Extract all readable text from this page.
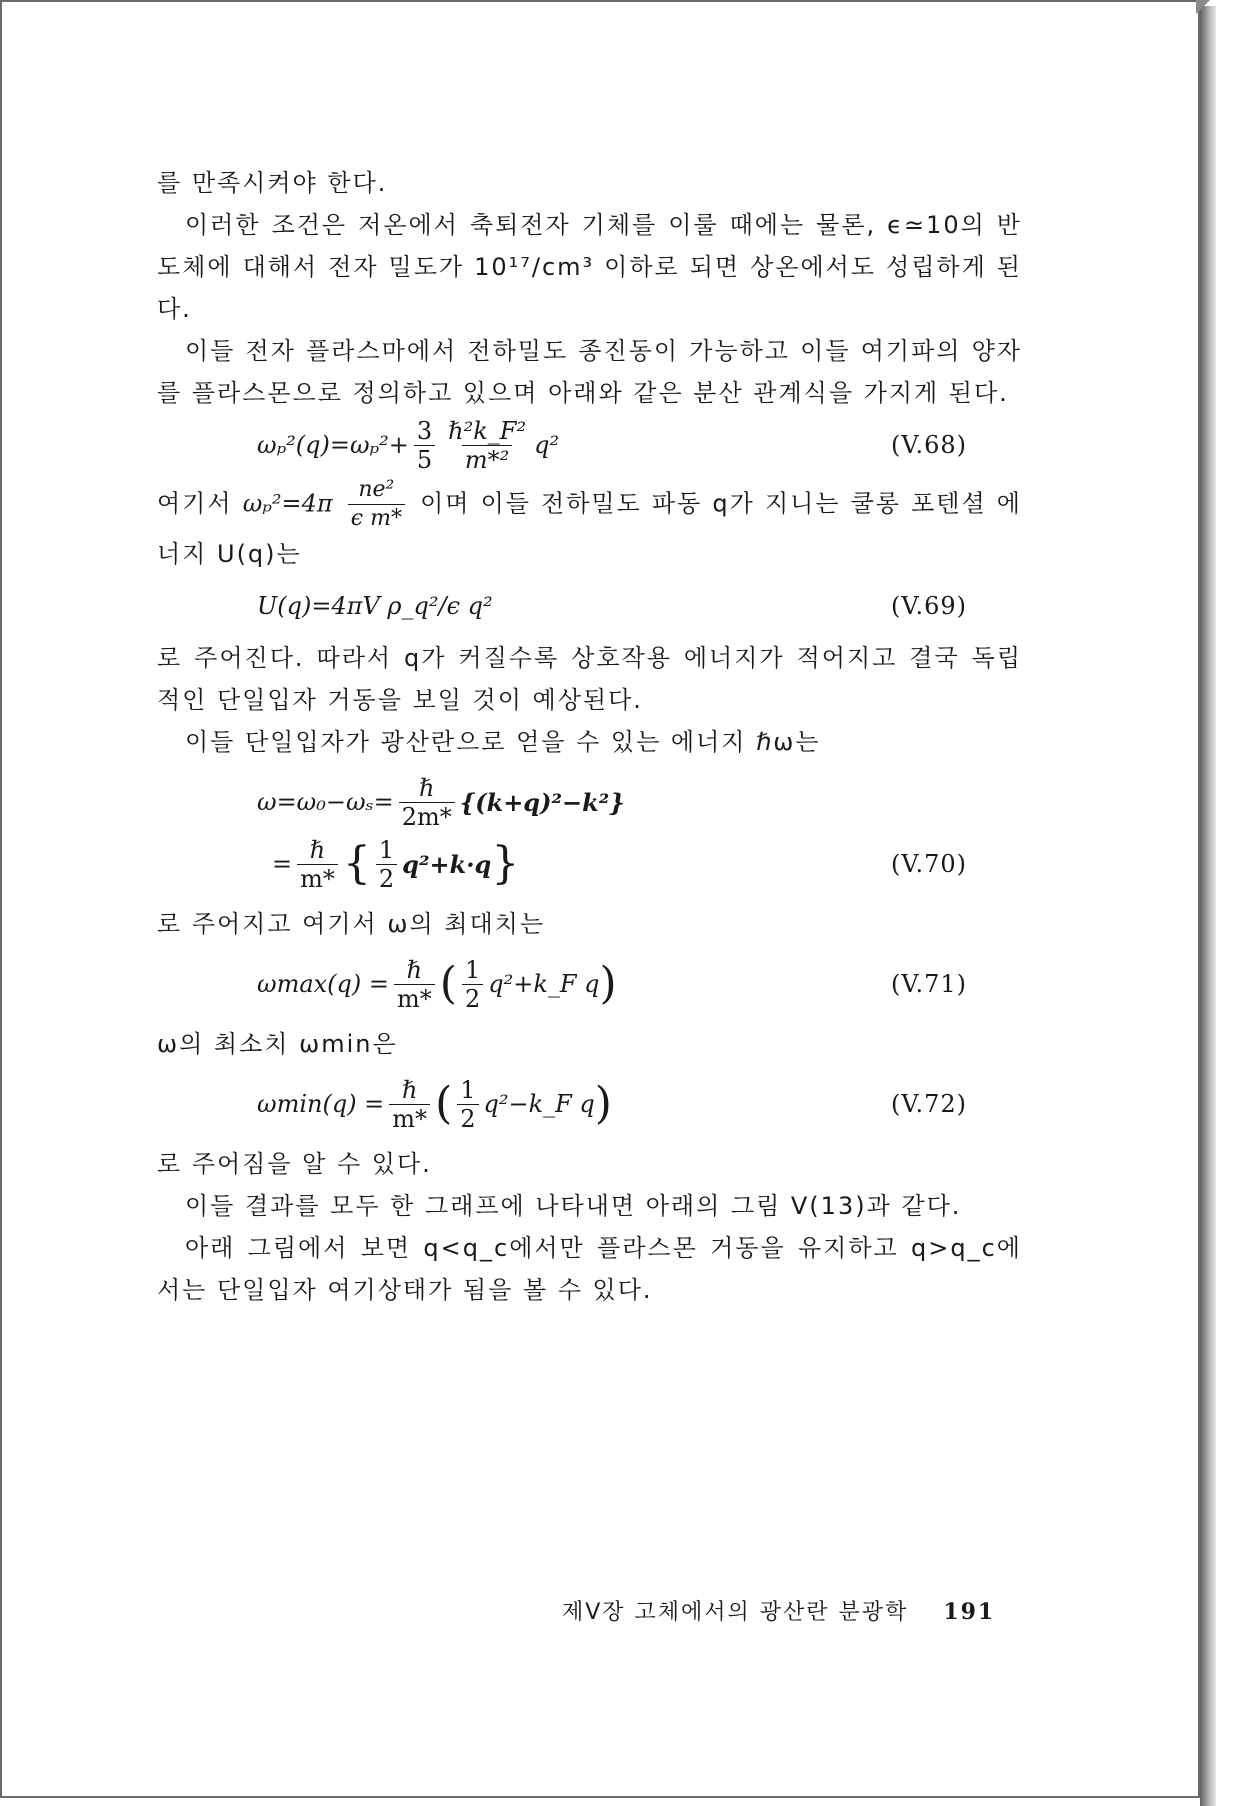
를 만족시켜야 한다.

이러한 조건은 저온에서 축퇴전자 기체를 이룰 때에는 물론, ϵ≃10의 반도체에 대해서 전자 밀도가 10¹⁷/cm³ 이하로 되면 상온에서도 성립하게 된다.

이들 전자 플라스마에서 전하밀도 종진동이 가능하고 이들 여기파의 양자를 플라스몬으로 정의하고 있으며 아래와 같은 분산 관계식을 가지게 된다.

$\omega_p^2(q)=\omega_p^2+ \frac{3}{5} \frac{\text{ℏ²k\_F²}}{\text{m*²}} q^2$	(V.68)

여기서 $\omega_p^2=4\pi \frac{\text{ne²}}{\text{ϵ m*}}$ 이며 이들 전하밀도 파동 q가 지니는 쿨롱 포텐셜 에너지 U(q)는

U(q)=4πV ρ_q²/ϵ q²	(V.69)

로 주어진다. 따라서 q가 커질수록 상호작용 에너지가 적어지고 결국 독립적인 단일입자 거동을 보일 것이 예상된다.

이들 단일입자가 광산란으로 얻을 수 있는 에너지 ℏω는

$\omega=\omega_0-\omega_s= \frac{\text{ℏ}}{2m*} \{(k+q)^2-k^2\}$
= $\frac{\text{ℏ}}{m*}$ { $\frac{1}{2} q^2+k\cdot q$ }	(V.70)

로 주어지고 여기서 ω의 최대치는

$\omega\max(q) = \frac{\text{ℏ}}{m*}$ ( $\frac{1}{2}$ q²+k_F q )	(V.71)

ω의 최소치 ωmin은

$\omega\min(q) = \frac{\text{ℏ}}{m*}$ ( $\frac{1}{2}$ q²−k_F q )	(V.72)

로 주어짐을 알 수 있다.

이들 결과를 모두 한 그래프에 나타내면 아래의 그림 V(13)과 같다.

아래 그림에서 보면 q<q_c에서만 플라스몬 거동을 유지하고 q>q_c에서는 단일입자 여기상태가 됨을 볼 수 있다.

제V장 고체에서의 광산란 분광학 191
